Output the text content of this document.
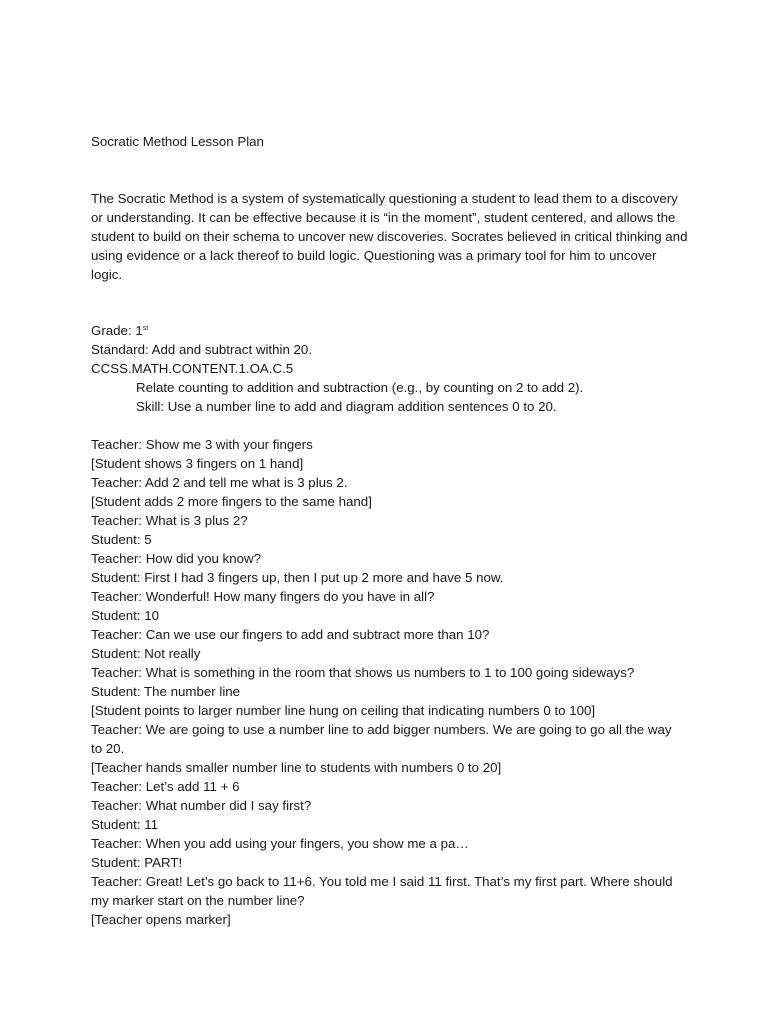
Socratic Method Lesson Plan

The Socratic Method is a system of systematically questioning a student to lead them to a discovery or understanding. It can be effective because it is “in the moment”, student centered, and allows the student to build on their schema to uncover new discoveries. Socrates believed in critical thinking and using evidence or a lack thereof to build logic. Questioning was a primary tool for him to uncover logic.

Grade: 1st
Standard: Add and subtract within 20.
CCSS.MATH.CONTENT.1.OA.C.5
Relate counting to addition and subtraction (e.g., by counting on 2 to add 2).
Skill: Use a number line to add and diagram addition sentences 0 to 20.
Teacher: Show me 3 with your fingers
[Student shows 3 fingers on 1 hand]
Teacher: Add 2 and tell me what is 3 plus 2.
[Student adds 2 more fingers to the same hand]
Teacher: What is 3 plus 2?
Student: 5
Teacher: How did you know?
Student: First I had 3 fingers up, then I put up 2 more and have 5 now.
Teacher: Wonderful! How many fingers do you have in all?
Student: 10
Teacher: Can we use our fingers to add and subtract more than 10?
Student: Not really
Teacher: What is something in the room that shows us numbers to 1 to 100 going sideways?
Student: The number line
[Student points to larger number line hung on ceiling that indicating numbers 0 to 100]
Teacher: We are going to use a number line to add bigger numbers. We are going to go all the way to 20.
[Teacher hands smaller number line to students with numbers 0 to 20]
Teacher: Let’s add 11 + 6
Teacher: What number did I say first?
Student: 11
Teacher: When you add using your fingers, you show me a pa…
Student: PART!
Teacher: Great! Let’s go back to 11+6. You told me I said 11 first. That’s my first part. Where should my marker start on the number line?
[Teacher opens marker]
